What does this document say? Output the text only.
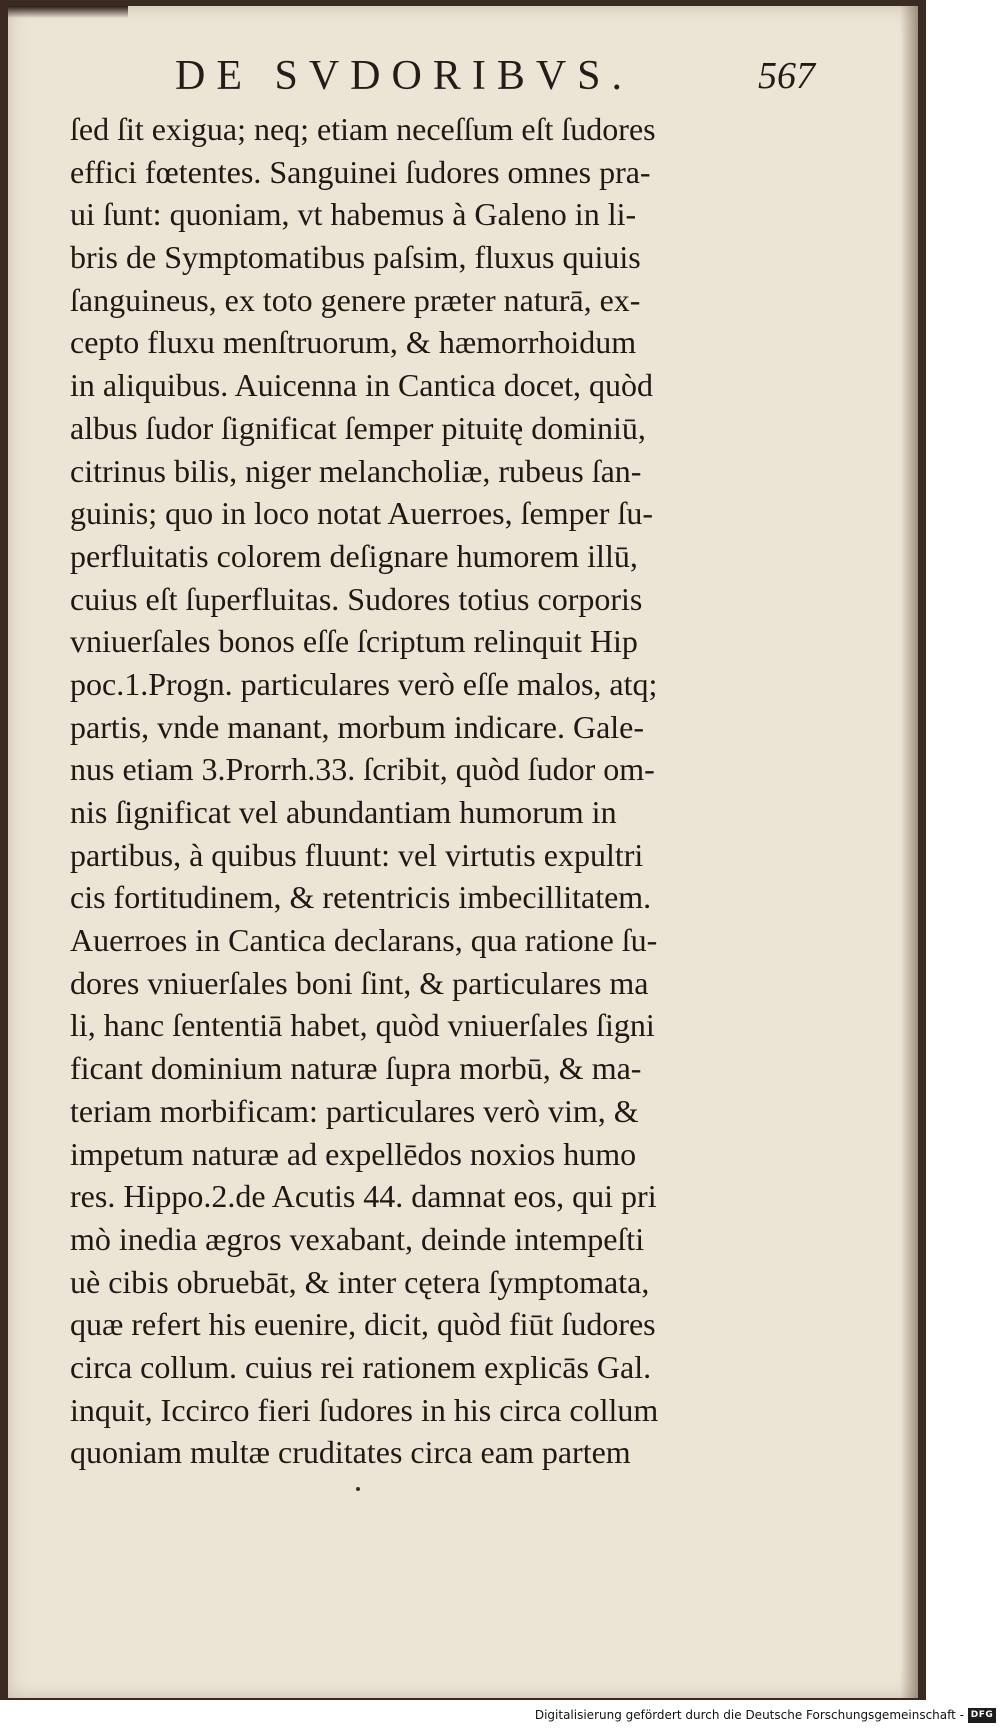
DE SVDORIBVS.	567
ſed ſit exigua; neq; etiam neceſſum eſt ſudores
effici fœtentes. Sanguinei ſudores omnes pra-
ui ſunt: quoniam, vt habemus à Galeno in li-
bris de Symptomatibus paſsim, fluxus quiuis
ſanguineus, ex toto genere præter naturā, ex-
cepto fluxu menſtruorum, & hæmorrhoidum
in aliquibus. Auicenna in Cantica docet, quòd
albus ſudor ſignificat ſemper pituitę dominiū,
citrinus bilis, niger melancholiæ, rubeus ſan-
guinis; quo in loco notat Auerroes, ſemper ſu-
perfluitatis colorem deſignare humorem illū,
cuius eſt ſuperfluitas. Sudores totius corporis
vniuerſales bonos eſſe ſcriptum relinquit Hip
poc.1.Progn. particulares verò eſſe malos, atq;
partis, vnde manant, morbum indicare. Gale-
nus etiam 3.Prorrh.33. ſcribit, quòd ſudor om-
nis ſignificat vel abundantiam humorum in
partibus, à quibus fluunt: vel virtutis expultri
cis fortitudinem, & retentricis imbecillitatem.
Auerroes in Cantica declarans, qua ratione ſu-
dores vniuerſales boni ſint, & particulares ma
li, hanc ſententiā habet, quòd vniuerſales ſigni
ficant dominium naturæ ſupra morbū, & ma-
teriam morbificam: particulares verò vim, &
impetum naturæ ad expellēdos noxios humo
res. Hippo.2.de Acutis 44. damnat eos, qui pri
mò inedia ægros vexabant, deinde intempeſti
uè cibis obruebāt, & inter cętera ſymptomata,
quæ refert his euenire, dicit, quòd fiūt ſudores
circa collum. cuius rei rationem explicās Gal.
inquit, Iccirco fieri ſudores in his circa collum
quoniam multæ cruditates circa eam partem
Digitalisierung gefördert durch die Deutsche Forschungsgemeinschaft - DFG
